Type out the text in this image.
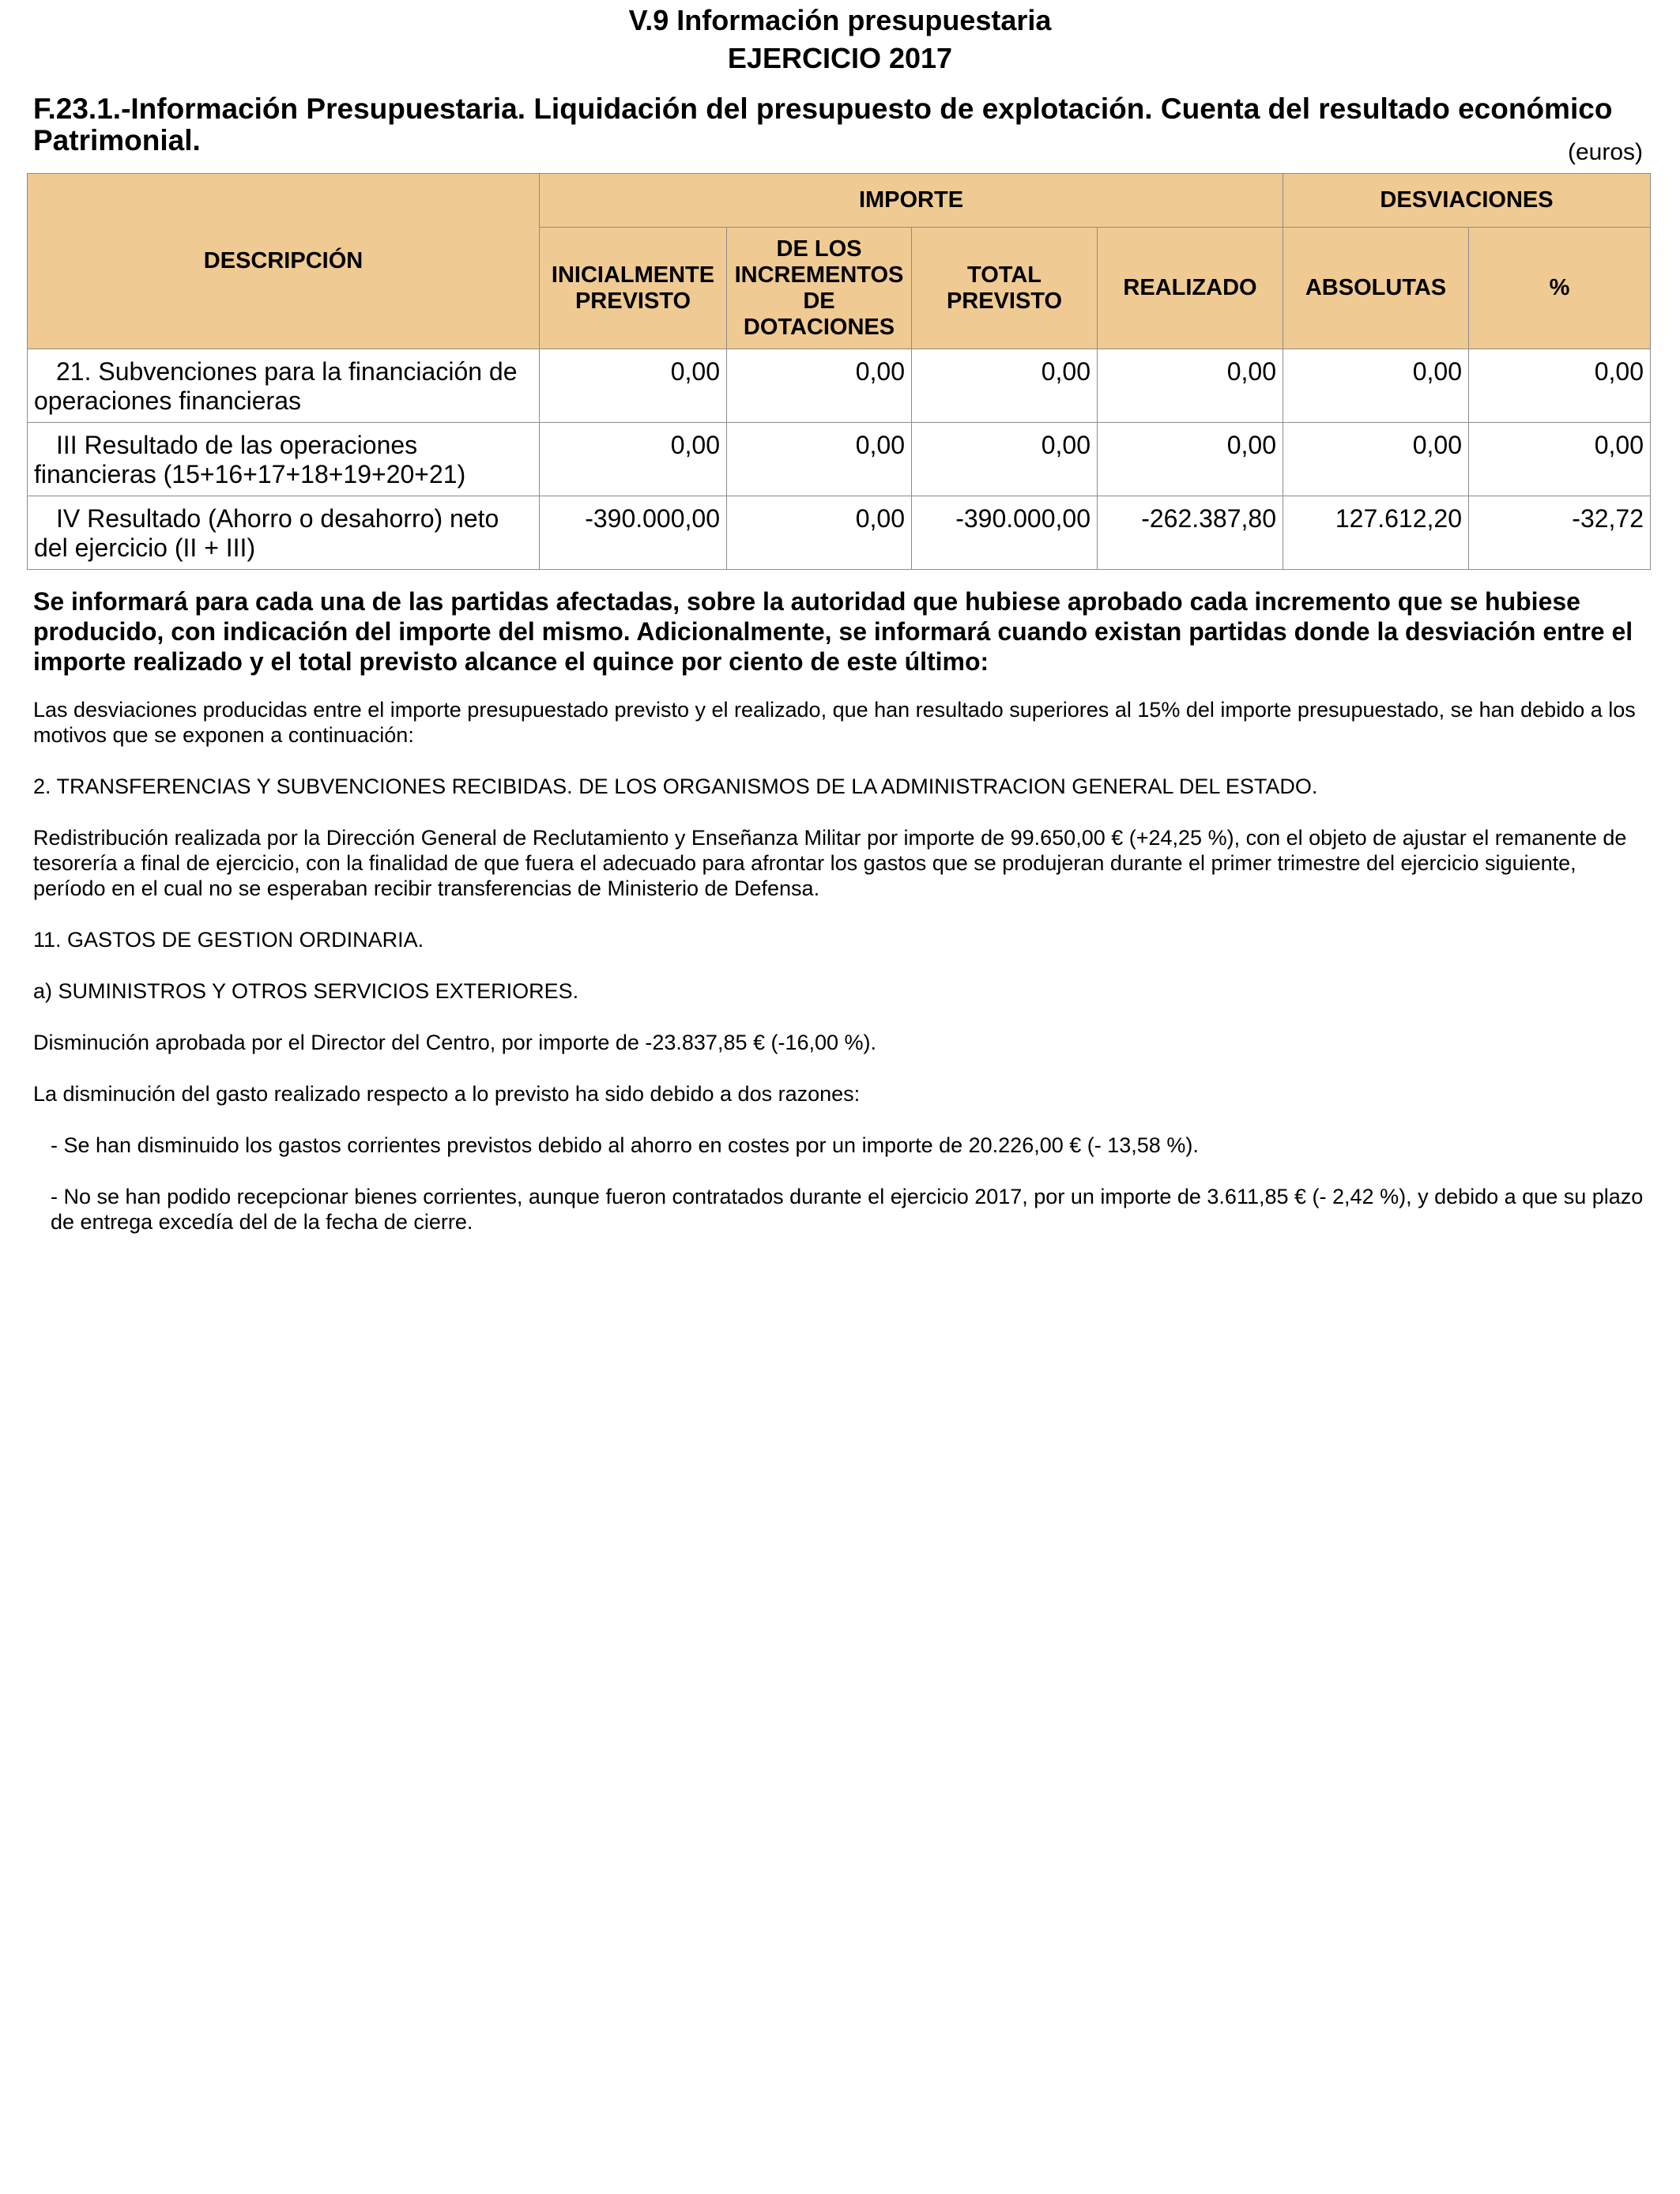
V.9 Información presupuestaria
EJERCICIO 2017
F.23.1.-Información Presupuestaria. Liquidación del presupuesto de explotación. Cuenta del resultado económico Patrimonial.	(euros)
DESCRIPCIÓN	IMPORTE				DESVIACIONES	
	INICIALMENTE PREVISTO	DE LOS INCREMENTOS DE DOTACIONES	TOTAL PREVISTO	REALIZADO	ABSOLUTAS	%
21. Subvenciones para la financiación de operaciones financieras	0,00	0,00	0,00	0,00	0,00	0,00
III Resultado de las operaciones financieras (15+16+17+18+19+20+21)	0,00	0,00	0,00	0,00	0,00	0,00
IV Resultado (Ahorro o desahorro) neto del ejercicio (II + III)	-390.000,00	0,00	-390.000,00	-262.387,80	127.612,20	-32,72

Se informará para cada una de las partidas afectadas, sobre la autoridad que hubiese aprobado cada incremento que se hubiese producido, con indicación del importe del mismo. Adicionalmente, se informará cuando existan partidas donde la desviación entre el importe realizado y el total previsto alcance el quince por ciento de este último:

Las desviaciones producidas entre el importe presupuestado previsto y el realizado, que han resultado superiores al 15% del importe presupuestado, se han debido a los motivos que se exponen a continuación:

2. TRANSFERENCIAS Y SUBVENCIONES RECIBIDAS. DE LOS ORGANISMOS DE LA ADMINISTRACION GENERAL DEL ESTADO.

Redistribución realizada por la Dirección General de Reclutamiento y Enseñanza Militar por importe de 99.650,00 € (+24,25 %), con el objeto de ajustar el remanente de tesorería a final de ejercicio, con la finalidad de que fuera el adecuado para afrontar los gastos que se produjeran durante el primer trimestre del ejercicio siguiente, período en el cual no se esperaban recibir transferencias de Ministerio de Defensa.

11. GASTOS DE GESTION ORDINARIA.

a) SUMINISTROS Y OTROS SERVICIOS EXTERIORES.

Disminución aprobada por el Director del Centro, por importe de -23.837,85 € (-16,00 %).

La disminución del gasto realizado respecto a lo previsto ha sido debido a dos razones:

- Se han disminuido los gastos corrientes previstos debido al ahorro en costes por un importe de 20.226,00 € (- 13,58 %).

- No se han podido recepcionar bienes corrientes, aunque fueron contratados durante el ejercicio 2017, por un importe de 3.611,85 € (- 2,42 %), y debido a que su plazo de entrega excedía del de la fecha de cierre.
